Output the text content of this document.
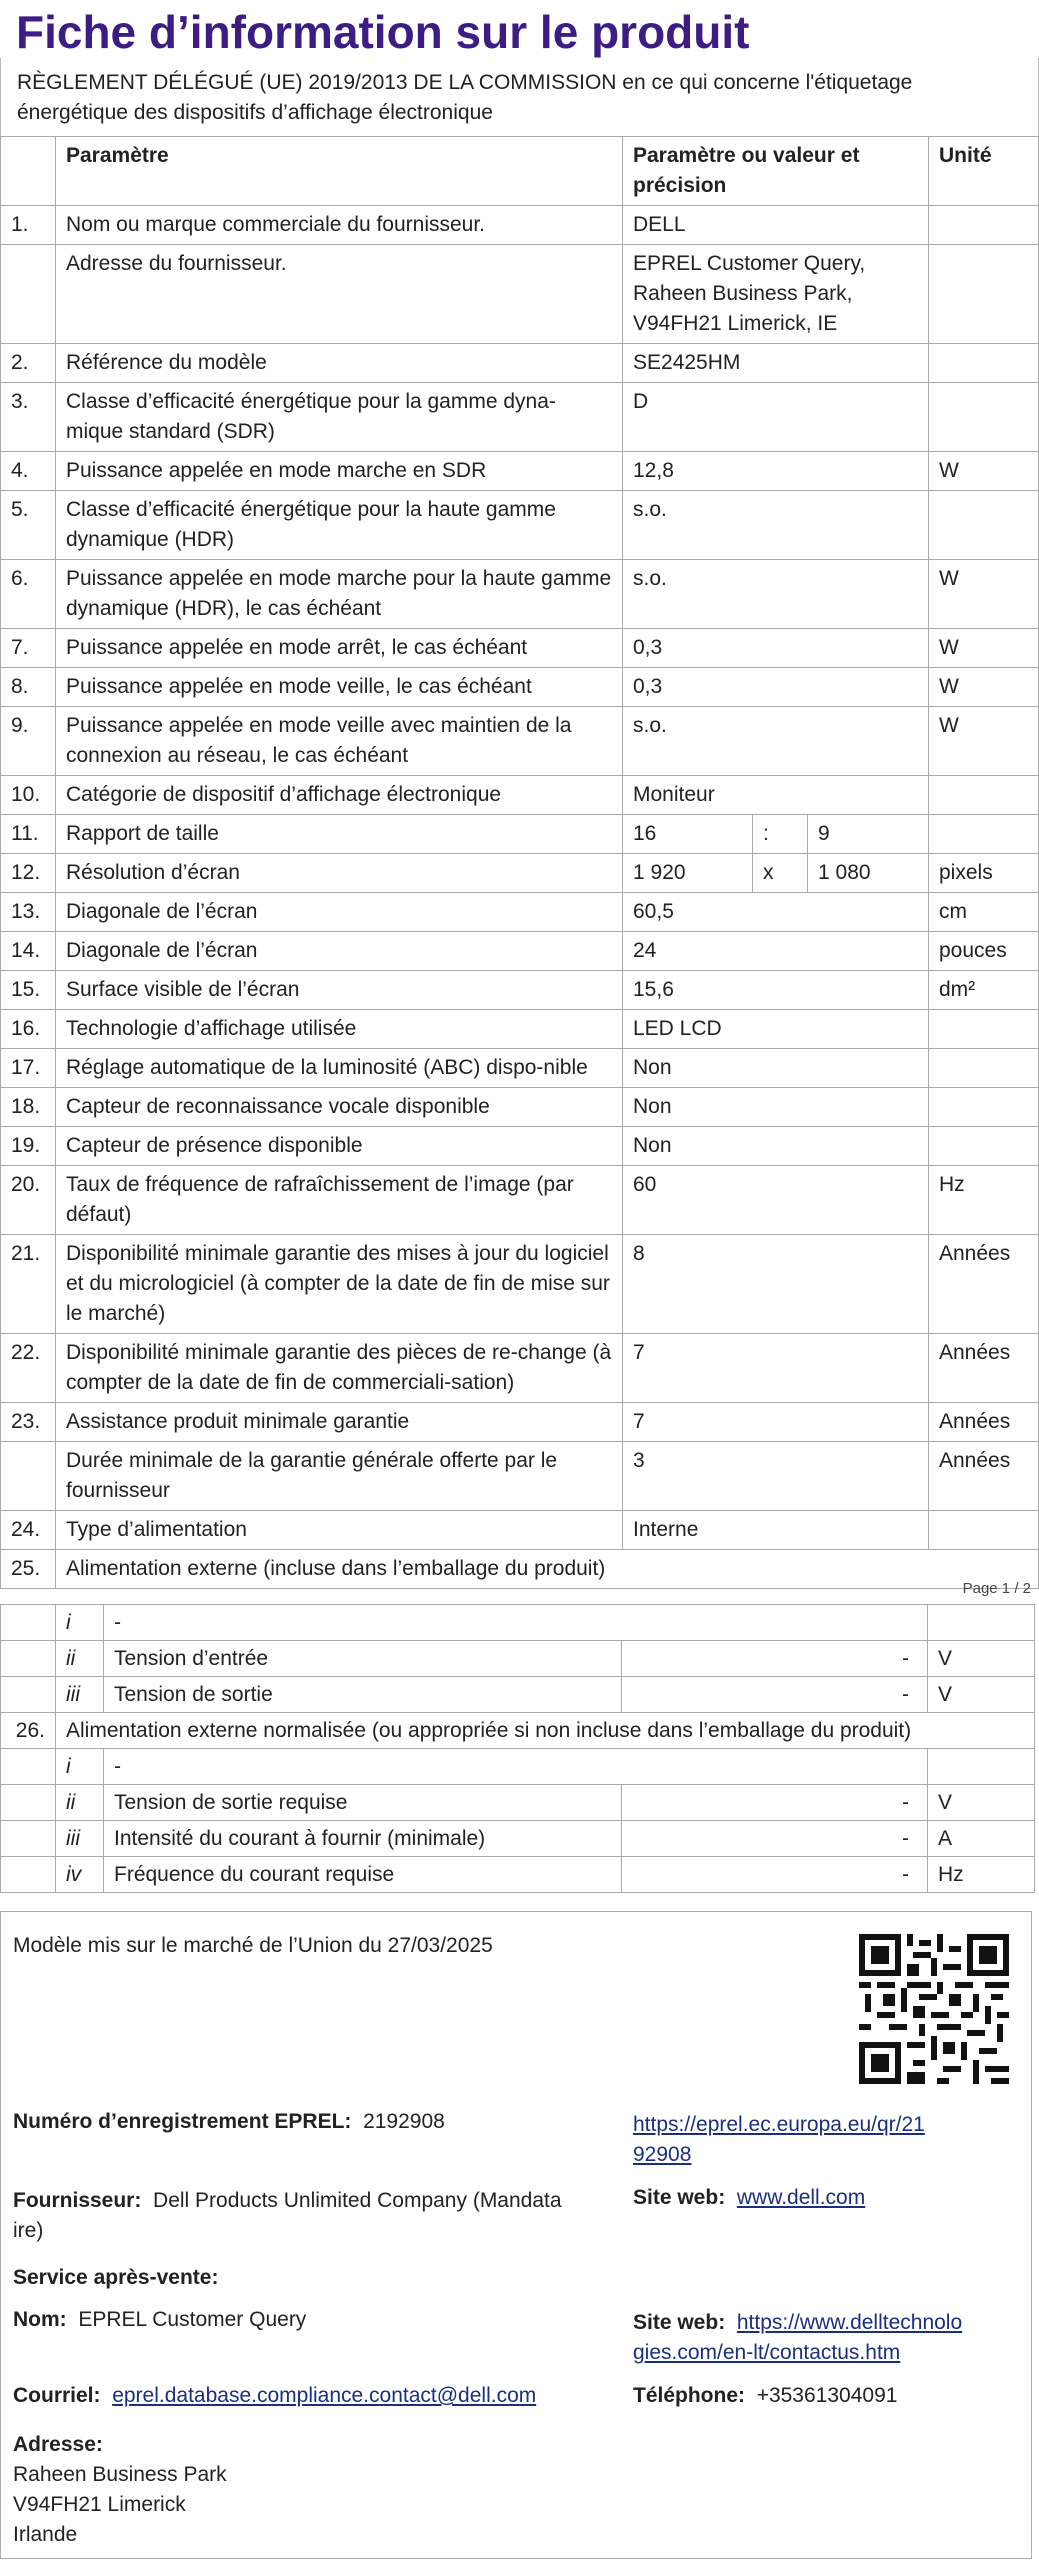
Fiche d’information sur le produit
RÈGLEMENT DÉLÉGUÉ (UE) 2019/2013 DE LA COMMISSION en ce qui concerne l'étiquetage énergétique des dispositifs d’affichage électronique
	Paramètre	Paramètre ou valeur et précision			Unité
1.	Nom ou marque commerciale du fournisseur.	DELL			
	Adresse du fournisseur.	EPREL Customer Query, Raheen Business Park, V94FH21 Limerick, IE			
2.	Référence du modèle	SE2425HM			
3.	Classe d’efficacité énergétique pour la gamme dyna-mique standard (SDR)	D			
4.	Puissance appelée en mode marche en SDR	12,8			W
5.	Classe d’efficacité énergétique pour la haute gamme dynamique (HDR)	s.o.			
6.	Puissance appelée en mode marche pour la haute gamme dynamique (HDR), le cas échéant	s.o.			W
7.	Puissance appelée en mode arrêt, le cas échéant	0,3			W
8.	Puissance appelée en mode veille, le cas échéant	0,3			W
9.	Puissance appelée en mode veille avec maintien de la connexion au réseau, le cas échéant	s.o.			W
10.	Catégorie de dispositif d’affichage électronique	Moniteur			
11.	Rapport de taille	16	:	9	
12.	Résolution d’écran	1 920	x	1 080	pixels
13.	Diagonale de l’écran	60,5			cm
14.	Diagonale de l’écran	24			pouces
15.	Surface visible de l’écran	15,6			dm²
16.	Technologie d’affichage utilisée	LED LCD			
17.	Réglage automatique de la luminosité (ABC) dispo-nible	Non			
18.	Capteur de reconnaissance vocale disponible	Non			
19.	Capteur de présence disponible	Non			
20.	Taux de fréquence de rafraîchissement de l’image (par défaut)	60			Hz
21.	Disponibilité minimale garantie des mises à jour du logiciel et du micrologiciel (à compter de la date de fin de mise sur le marché)	8			Années
22.	Disponibilité minimale garantie des pièces de re-change (à compter de la date de fin de commerciali-sation)	7			Années
23.	Assistance produit minimale garantie	7			Années
	Durée minimale de la garantie générale offerte par le fournisseur	3			Années
24.	Type d’alimentation	Interne			
25.	Alimentation externe (incluse dans l’emballage du produit)				
Page 1 / 2
	i	-		
	ii	Tension d’entrée	-	V
	iii	Tension de sortie	-	V
26.	Alimentation externe normalisée (ou appropriée si non incluse dans l’emballage du produit)			
	i	-		
	ii	Tension de sortie requise	-	V
	iii	Intensité du courant à fournir (minimale)	-	A
	iv	Fréquence du courant requise	-	Hz
Modèle mis sur le marché de l’Union du 27/03/2025
Numéro d’enregistrement EPREL: 2192908	https://eprel.ec.europa.eu/qr/21
92908
Fournisseur: Dell Products Unlimited Company (Mandata
ire)
Site web: www.dell.com
Service après-vente:
Nom: EPREL Customer Query	Site web: https://www.delltechnolo
gies.com/en-lt/contactus.htm
Courriel: eprel.database.compliance.contact@dell.com	Téléphone: +35361304091
Adresse:
Raheen Business Park
V94FH21 Limerick
Irlande
